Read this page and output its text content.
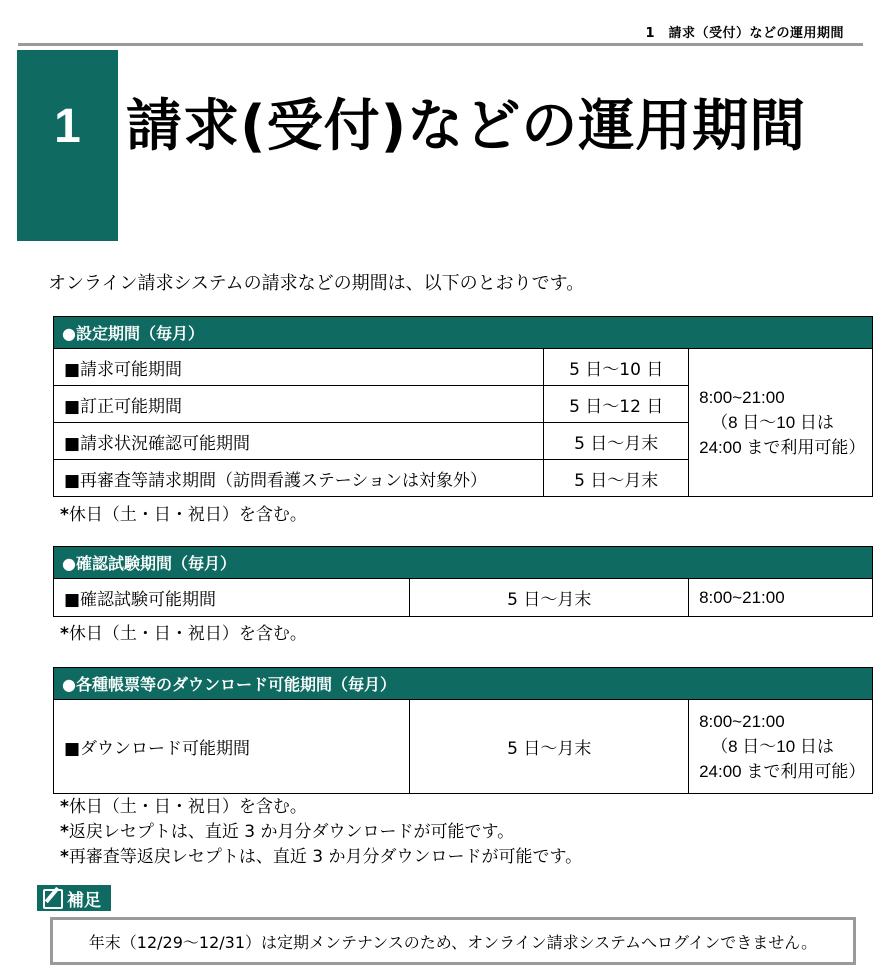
1　請求（受付）などの運用期間
1 請求(受付)などの運用期間
オンライン請求システムの請求などの期間は、以下のとおりです。
●設定期間（毎月）		
■請求可能期間	5 日～10 日	8:00~21:00

（8 日～10 日は
24:00 まで利用可能）
■訂正可能期間	5 日～12 日	
■請求状況確認可能期間	5 日～月末	
■再審査等請求期間（訪問看護ステーションは対象外）	5 日～月末	
*休日（土・日・祝日）を含む。
●確認試験期間（毎月）
■確認試験可能期間	5 日～月末	8:00~21:00
*休日（土・日・祝日）を含む。
●各種帳票等のダウンロード可能期間（毎月）
■ダウンロード可能期間	5 日～月末	8:00~21:00

（8 日～10 日は
24:00 まで利用可能）
*休日（土・日・祝日）を含む。
*返戻レセプトは、直近 3 か月分ダウンロードが可能です。
*再審査等返戻レセプトは、直近 3 か月分ダウンロードが可能です。
補足
年末（12/29～12/31）は定期メンテナンスのため、オンライン請求システムへログインできません。
